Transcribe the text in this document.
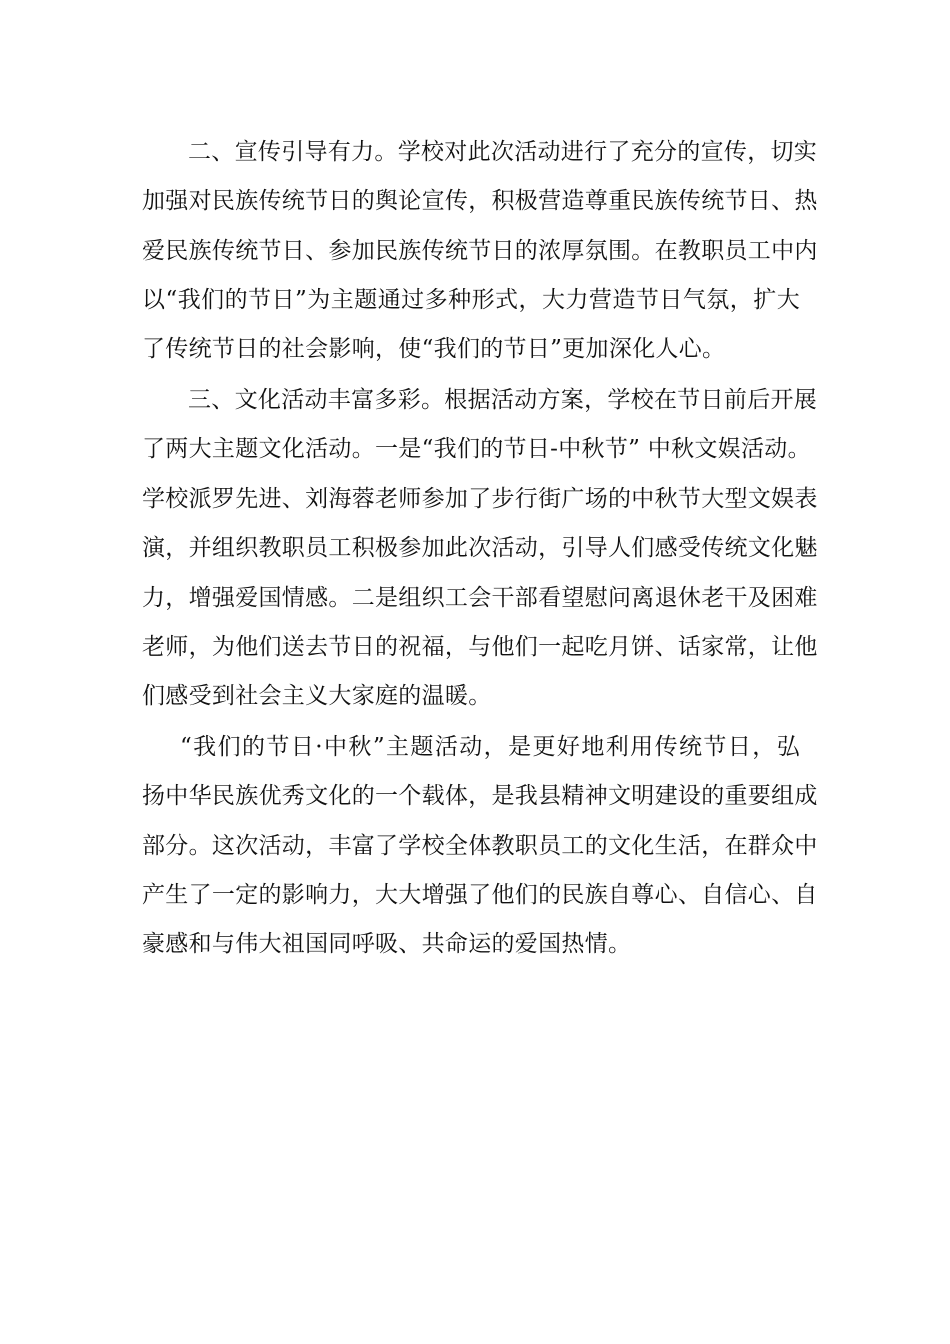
二、宣传引导有力。学校对此次活动进行了充分的宣传，切实
加强对民族传统节日的舆论宣传，积极营造尊重民族传统节日、热
爱民族传统节日、参加民族传统节日的浓厚氛围。在教职员工中内
以“我们的节日”为主题通过多种形式，大力营造节日气氛，扩大
了传统节日的社会影响，使“我们的节日”更加深化人心。
三、文化活动丰富多彩。根据活动方案，学校在节日前后开展
了两大主题文化活动。一是“我们的节日-中秋节” 中秋文娱活动。
学校派罗先进、刘海蓉老师参加了步行街广场的中秋节大型文娱表
演，并组织教职员工积极参加此次活动，引导人们感受传统文化魅
力，增强爱国情感。二是组织工会干部看望慰问离退休老干及困难
老师，为他们送去节日的祝福，与他们一起吃月饼、话家常，让他
们感受到社会主义大家庭的温暖。
“我们的节日·中秋”主题活动，是更好地利用传统节日，弘
扬中华民族优秀文化的一个载体，是我县精神文明建设的重要组成
部分。这次活动，丰富了学校全体教职员工的文化生活，在群众中
产生了一定的影响力，大大增强了他们的民族自尊心、自信心、自
豪感和与伟大祖国同呼吸、共命运的爱国热情。
